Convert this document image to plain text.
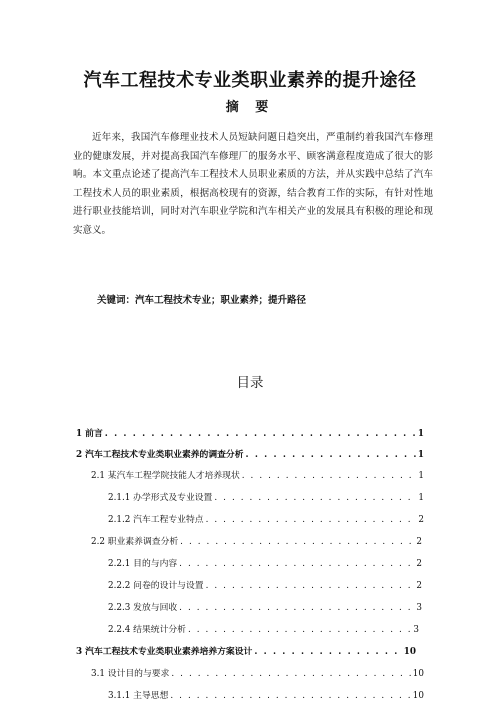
汽车工程技术专业类职业素养的提升途径
摘 要

近年来，我国汽车修理业技术人员短缺问题日趋突出，严重制约着我国汽车修理业的健康发展，并对提高我国汽车修理厂的服务水平、顾客满意程度造成了很大的影响。本文重点论述了提高汽车工程技术人员职业素质的方法，并从实践中总结了汽车工程技术人员的职业素质，根据高校现有的资源，结合教育工作的实际，有针对性地进行职业技能培训，同时对汽车职业学院和汽车相关产业的发展具有积极的理论和现实意义。

关键词：汽车工程技术专业；职业素养；提升路径
目录
1 前言 . . .	1
2 汽车工程技术专业类职业素养的调查分析 . . .	1
2.1 某汽车工程学院技能人才培养现状 . . .	1
2.1.1 办学形式及专业设置 . . .	1
2.1.2 汽车工程专业特点 . . .	2
2.2 职业素养调查分析 . . .	2
2.2.1 目的与内容 . . .	2
2.2.2 问卷的设计与设置 . . .	2
2.2.3 发放与回收 . . .	3
2.2.4 结果统计分析 . . .	3
3 汽车工程技术专业类职业素养培养方案设计 . . .	10
3.1 设计目的与要求 . . .	10
3.1.1 主导思想 . . .	10
